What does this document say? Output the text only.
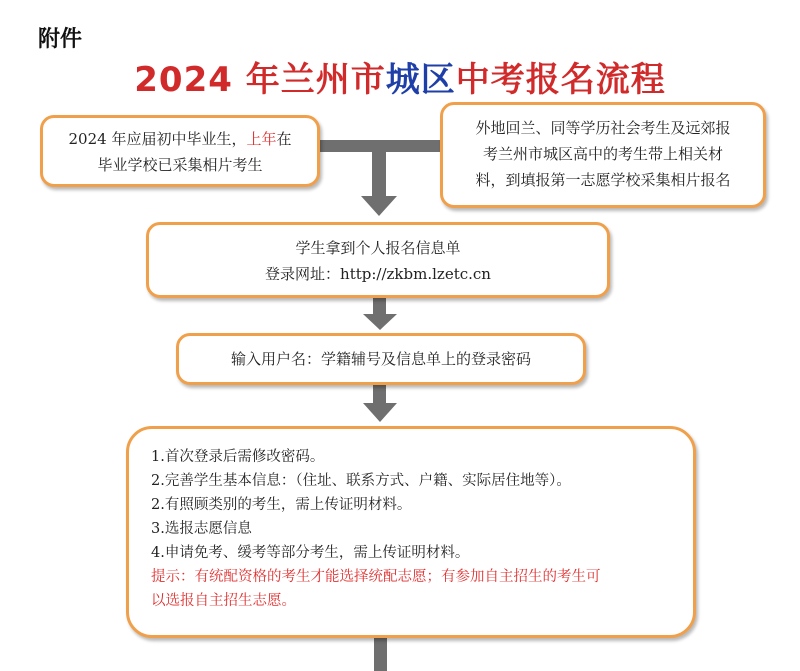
附件
2024 年兰州市城区中考报名流程
2024 年应届初中毕业生，上年在
毕业学校已采集相片考生
外地回兰、同等学历社会考生及远郊报
考兰州市城区高中的考生带上相关材
料，到填报第一志愿学校采集相片报名
学生拿到个人报名信息单
登录网址：http://zkbm.lzetc.cn
输入用户名：学籍辅号及信息单上的登录密码
1.首次登录后需修改密码。
2.完善学生基本信息：（住址、联系方式、户籍、实际居住地等）。
2.有照顾类别的考生，需上传证明材料。
3.选报志愿信息
4.申请免考、缓考等部分考生，需上传证明材料。
提示：有统配资格的考生才能选择统配志愿；有参加自主招生的考生可
以选报自主招生志愿。
